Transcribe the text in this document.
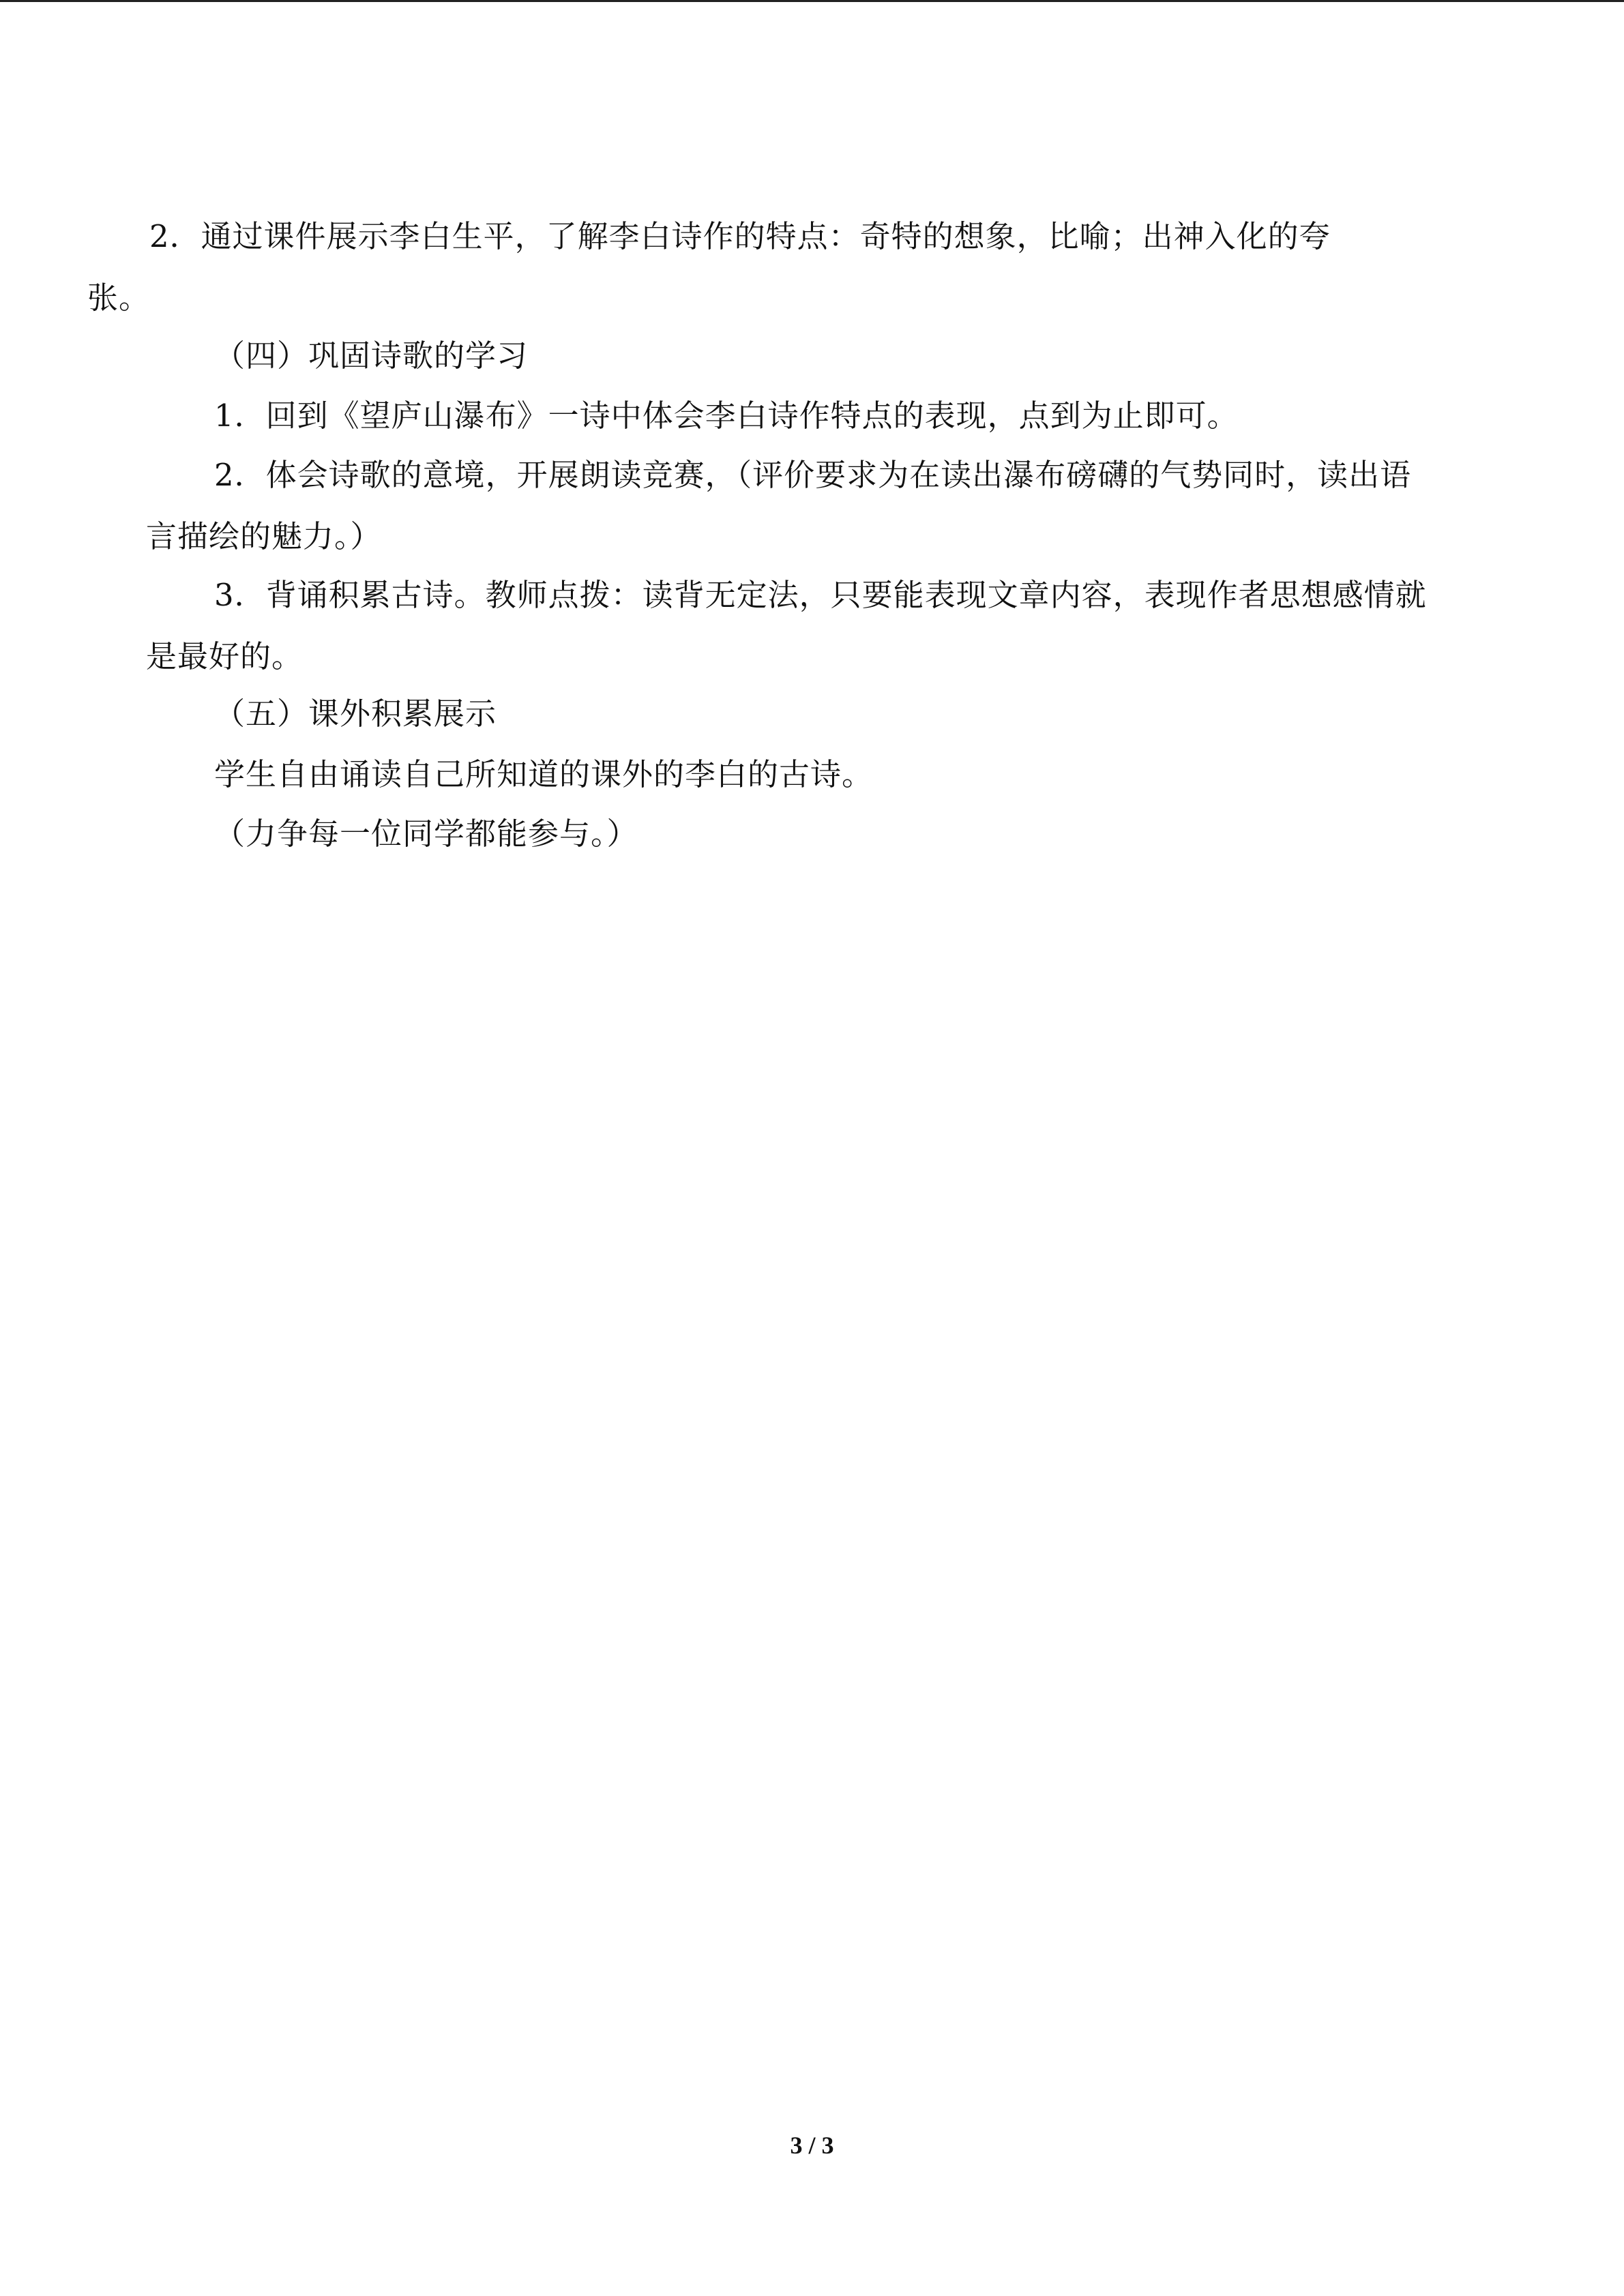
2．通过课件展示李白生平，了解李白诗作的特点：奇特的想象，比喻；出神入化的夸
张。

（四）巩固诗歌的学习

1．回到《望庐山瀑布》一诗中体会李白诗作特点的表现，点到为止即可。

2．体会诗歌的意境，开展朗读竞赛，（评价要求为在读出瀑布磅礴的气势同时，读出语
言描绘的魅力。）

3．背诵积累古诗。教师点拨：读背无定法，只要能表现文章内容，表现作者思想感情就
是最好的。

（五）课外积累展示

学生自由诵读自己所知道的课外的李白的古诗。

（力争每一位同学都能参与。）

3 / 3
